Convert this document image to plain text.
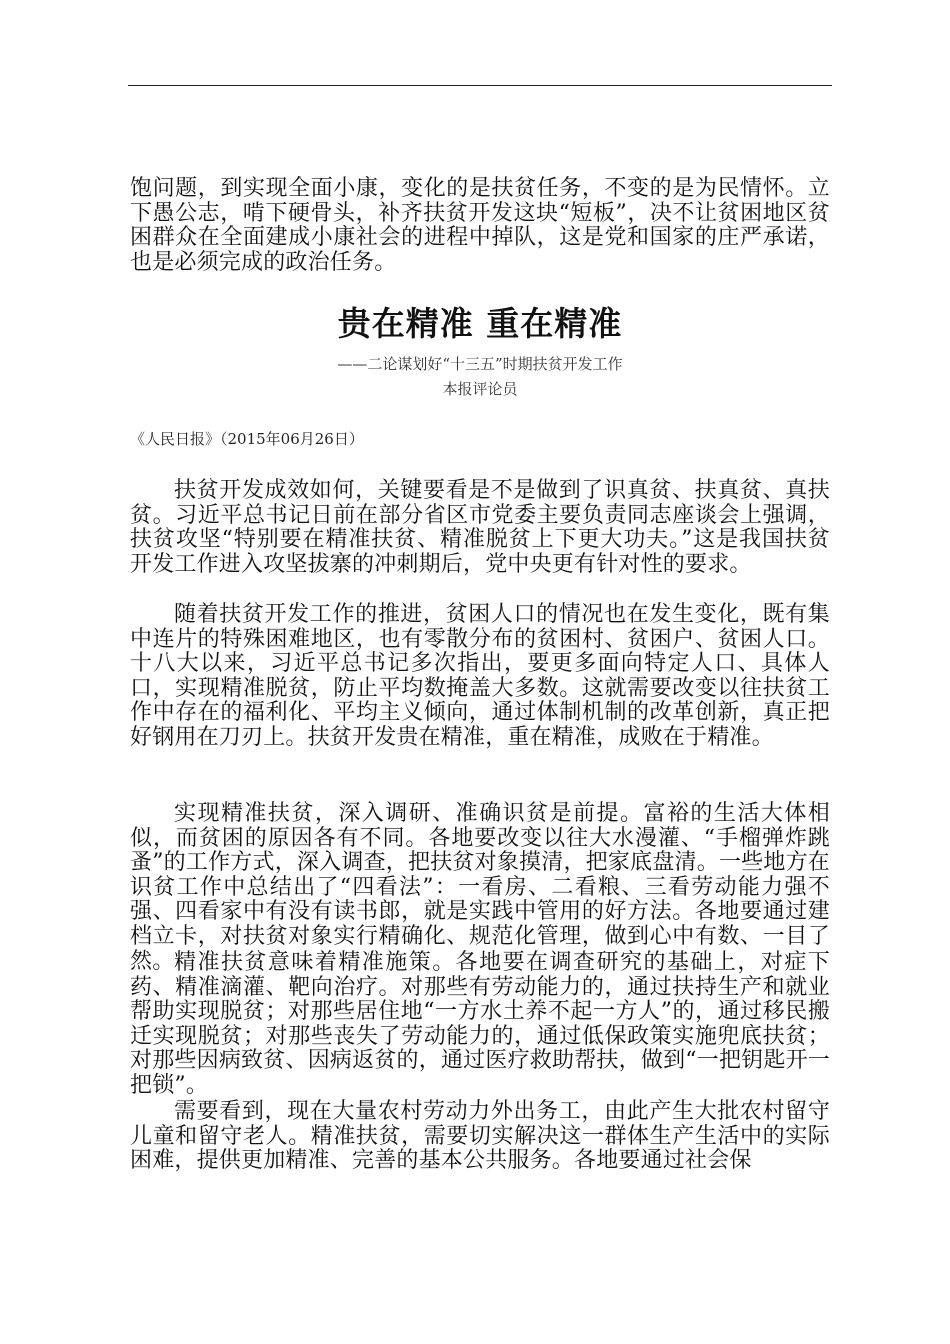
饱问题，到实现全面小康，变化的是扶贫任务，不变的是为民情怀。立下愚公志，啃下硬骨头，补齐扶贫开发这块“短板”，决不让贫困地区贫困群众在全面建成小康社会的进程中掉队，这是党和国家的庄严承诺，也是必须完成的政治任务。

贵在精准 重在精准
——二论谋划好“十三五”时期扶贫开发工作
本报评论员
《人民日报》（2015年06月26日）

扶贫开发成效如何，关键要看是不是做到了识真贫、扶真贫、真扶贫。习近平总书记日前在部分省区市党委主要负责同志座谈会上强调，扶贫攻坚“特别要在精准扶贫、精准脱贫上下更大功夫。”这是我国扶贫开发工作进入攻坚拔寨的冲刺期后，党中央更有针对性的要求。

随着扶贫开发工作的推进，贫困人口的情况也在发生变化，既有集中连片的特殊困难地区，也有零散分布的贫困村、贫困户、贫困人口。十八大以来，习近平总书记多次指出，要更多面向特定人口、具体人口，实现精准脱贫，防止平均数掩盖大多数。这就需要改变以往扶贫工作中存在的福利化、平均主义倾向，通过体制机制的改革创新，真正把好钢用在刀刃上。扶贫开发贵在精准，重在精准，成败在于精准。

实现精准扶贫，深入调研、准确识贫是前提。富裕的生活大体相似，而贫困的原因各有不同。各地要改变以往大水漫灌、“手榴弹炸跳蚤”的工作方式，深入调查，把扶贫对象摸清，把家底盘清。一些地方在识贫工作中总结出了“四看法”：一看房、二看粮、三看劳动能力强不强、四看家中有没有读书郎，就是实践中管用的好方法。各地要通过建档立卡，对扶贫对象实行精确化、规范化管理，做到心中有数、一目了然。 精准扶贫意味着精准施策。各地要在调查研究的基础上，对症下药、精准滴灌、靶向治疗。对那些有劳动能力的，通过扶持生产和就业帮助实现脱贫；对那些居住地“一方水土养不起一方人”的，通过移民搬迁实现脱贫；对那些丧失了劳动能力的，通过低保政策实施兜底扶贫；对那些因病致贫、因病返贫的，通过医疗救助帮扶，做到“一把钥匙开一把锁”。

需要看到，现在大量农村劳动力外出务工，由此产生大批农村留守儿童和留守老人。精准扶贫，需要切实解决这一群体生产生活中的实际困难，提供更加精准、完善的基本公共服务。各地要通过社会保
